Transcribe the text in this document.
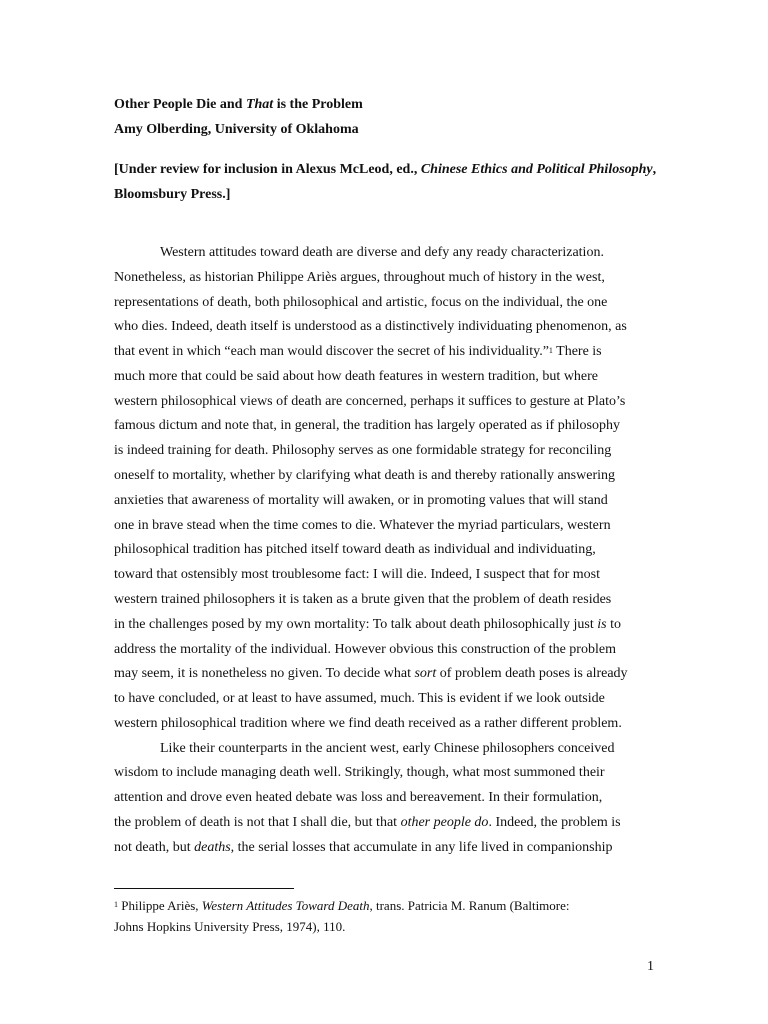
Other People Die and That is the Problem
Amy Olberding, University of Oklahoma
[Under review for inclusion in Alexus McLeod, ed., Chinese Ethics and Political Philosophy,
Bloomsbury Press.]
Western attitudes toward death are diverse and defy any ready characterization.
Nonetheless, as historian Philippe Ariès argues, throughout much of history in the west,
representations of death, both philosophical and artistic, focus on the individual, the one
who dies. Indeed, death itself is understood as a distinctively individuating phenomenon, as
that event in which “each man would discover the secret of his individuality.”$^1$ There is
much more that could be said about how death features in western tradition, but where
western philosophical views of death are concerned, perhaps it suffices to gesture at Plato’s
famous dictum and note that, in general, the tradition has largely operated as if philosophy
is indeed training for death. Philosophy serves as one formidable strategy for reconciling
oneself to mortality, whether by clarifying what death is and thereby rationally answering
anxieties that awareness of mortality will awaken, or in promoting values that will stand
one in brave stead when the time comes to die. Whatever the myriad particulars, western
philosophical tradition has pitched itself toward death as individual and individuating,
toward that ostensibly most troublesome fact: I will die. Indeed, I suspect that for most
western trained philosophers it is taken as a brute given that the problem of death resides
in the challenges posed by my own mortality: To talk about death philosophically just is to
address the mortality of the individual. However obvious this construction of the problem
may seem, it is nonetheless no given. To decide what sort of problem death poses is already
to have concluded, or at least to have assumed, much. This is evident if we look outside
western philosophical tradition where we find death received as a rather different problem.
Like their counterparts in the ancient west, early Chinese philosophers conceived
wisdom to include managing death well. Strikingly, though, what most summoned their
attention and drove even heated debate was loss and bereavement. In their formulation,
the problem of death is not that I shall die, but that other people do. Indeed, the problem is
not death, but deaths, the serial losses that accumulate in any life lived in companionship
$^1$ Philippe Ariès, Western Attitudes Toward Death, trans. Patricia M. Ranum (Baltimore:
Johns Hopkins University Press, 1974), 110.
1
